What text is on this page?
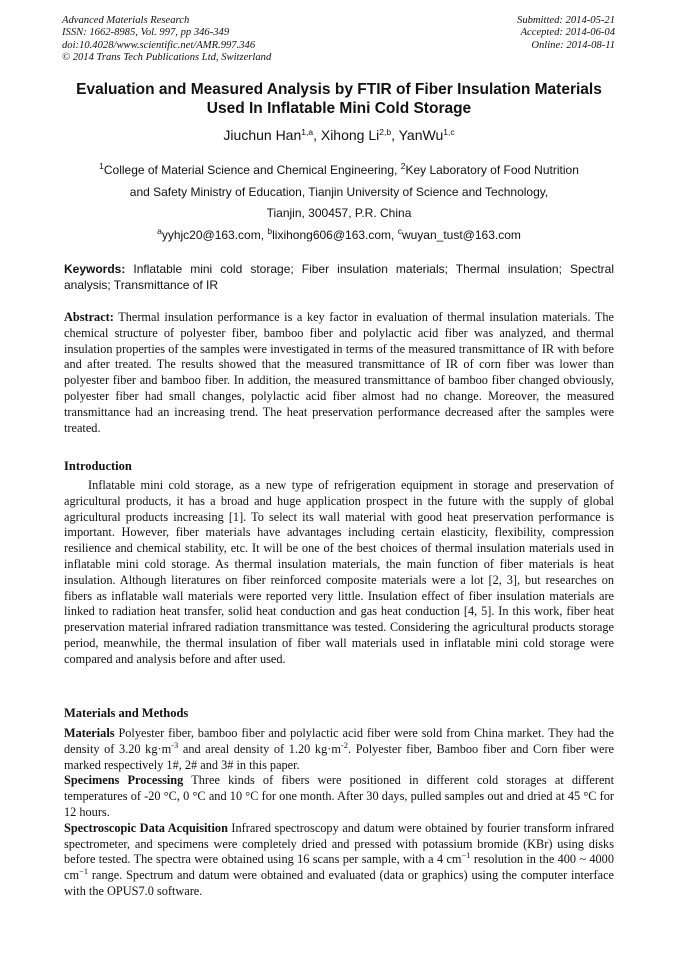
Advanced Materials Research
ISSN: 1662-8985, Vol. 997, pp 346-349
doi:10.4028/www.scientific.net/AMR.997.346
© 2014 Trans Tech Publications Ltd, Switzerland
Submitted: 2014-05-21
Accepted: 2014-06-04
Online: 2014-08-11
Evaluation and Measured Analysis by FTIR of Fiber Insulation Materials
Used In Inflatable Mini Cold Storage
Jiuchun Han$^{1,a}$, Xihong Li$^{2,b}$, YanWu$^{1,c}$
$^1$College of Material Science and Chemical Engineering, $^2$Key Laboratory of Food Nutrition
and Safety Ministry of Education, Tianjin University of Science and Technology,
Tianjin, 300457, P.R. China
$^a$yyhjc20@163.com, $^b$lixihong606@163.com, $^c$wuyan_tust@163.com
Keywords: Inflatable mini cold storage; Fiber insulation materials; Thermal insulation; Spectral analysis; Transmittance of IR
Abstract: Thermal insulation performance is a key factor in evaluation of thermal insulation materials. The chemical structure of polyester fiber, bamboo fiber and polylactic acid fiber was analyzed, and thermal insulation properties of the samples were investigated in terms of the measured transmittance of IR with before and after treated. The results showed that the measured transmittance of IR of corn fiber was lower than polyester fiber and bamboo fiber. In addition, the measured transmittance of bamboo fiber changed obviously, polyester fiber had small changes, polylactic acid fiber almost had no change. Moreover, the measured transmittance had an increasing trend. The heat preservation performance decreased after the samples were treated.
Introduction

Inflatable mini cold storage, as a new type of refrigeration equipment in storage and preservation of agricultural products, it has a broad and huge application prospect in the future with the supply of global agricultural products increasing [1]. To select its wall material with good heat preservation performance is important. However, fiber materials have advantages including certain elasticity, flexibility, compression resilience and chemical stability, etc. It will be one of the best choices of thermal insulation materials used in inflatable mini cold storage. As thermal insulation materials, the main function of fiber materials is heat insulation. Although literatures on fiber reinforced composite materials were a lot [2, 3], but researches on fibers as inflatable wall materials were reported very little. Insulation effect of fiber insulation materials are linked to radiation heat transfer, solid heat conduction and gas heat conduction [4, 5]. In this work, fiber heat preservation material infrared radiation transmittance was tested. Considering the agricultural products storage period, meanwhile, the thermal insulation of fiber wall materials used in inflatable mini cold storage were compared and analysis before and after used.

Materials and Methods

Materials Polyester fiber, bamboo fiber and polylactic acid fiber were sold from China market. They had the density of 3.20 $kg\cdot m^{-3}$ and areal density of 1.20 $kg\cdot m^{-2}$. Polyester fiber, Bamboo fiber and Corn fiber were marked respectively 1#, 2# and 3# in this paper.

Specimens Processing Three kinds of fibers were positioned in different cold storages at different temperatures of -20 °C, 0 °C and 10 °C for one month. After 30 days, pulled samples out and dried at 45 °C for 12 hours.

Spectroscopic Data Acquisition Infrared spectroscopy and datum were obtained by fourier transform infrared spectrometer, and specimens were completely dried and pressed with potassium bromide (KBr) using disks before tested. The spectra were obtained using 16 scans per sample, with a 4 $cm^{-1}$ resolution in the 400 ~ 4000 $cm^{-1}$ range. Spectrum and datum were obtained and evaluated (data or graphics) using the computer interface with the OPUS7.0 software.
